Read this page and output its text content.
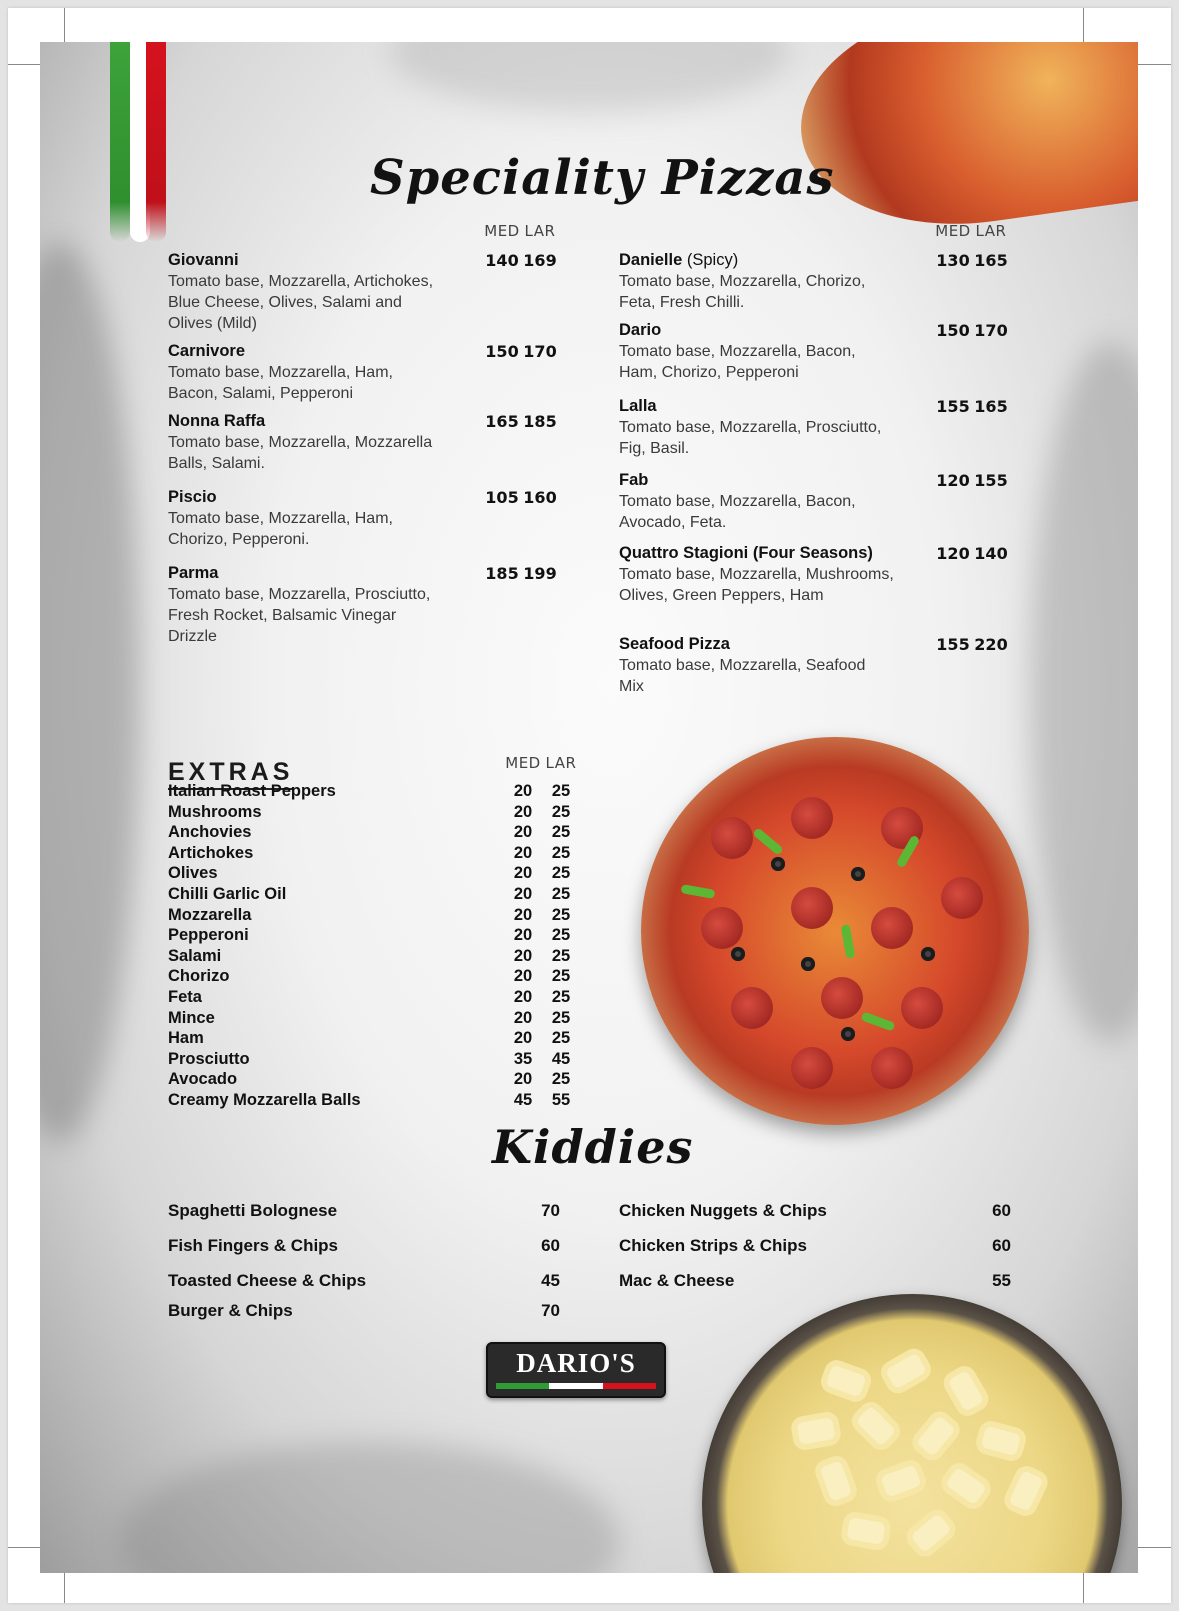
Speciality Pizzas
MED LAR	MED LAR
Giovanni
Tomato base, Mozzarella, Artichokes, Blue Cheese, Olives, Salami and Olives (Mild)
140 169
Carnivore
Tomato base, Mozzarella, Ham, Bacon, Salami, Pepperoni
150 170
Nonna Raffa
Tomato base, Mozzarella, Mozzarella Balls, Salami.
165 185
Piscio
Tomato base, Mozzarella, Ham, Chorizo, Pepperoni.
105 160
Parma
Tomato base, Mozzarella, Prosciutto, Fresh Rocket, Balsamic Vinegar Drizzle
185 199
Danielle (Spicy)
Tomato base, Mozzarella, Chorizo, Feta, Fresh Chilli.
130 165
Dario
Tomato base, Mozzarella, Bacon, Ham, Chorizo, Pepperoni
150 170
Lalla
Tomato base, Mozzarella, Prosciutto, Fig, Basil.
155 165
Fab
Tomato base, Mozzarella, Bacon, Avocado, Feta.
120 155
Quattro Stagioni (Four Seasons)
Tomato base, Mozzarella, Mushrooms, Olives, Green Peppers, Ham
120 140
Seafood Pizza
Tomato base, Mozzarella, Seafood Mix
155 220
EXTRAS	MED LAR
Kiddies
Spaghetti Bolognese	70
Fish Fingers & Chips	60
Toasted Cheese & Chips	45
Burger & Chips	70
Chicken Nuggets & Chips	60
Chicken Strips & Chips	60
Mac & Cheese	55
DARIO'S
Italian Roast Peppers	20	25
Mushrooms	20	25
Anchovies	20	25
Artichokes	20	25
Olives	20	25
Chilli Garlic Oil	20	25
Mozzarella	20	25
Pepperoni	20	25
Salami	20	25
Chorizo	20	25
Feta	20	25
Mince	20	25
Ham	20	25
Prosciutto	35	45
Avocado	20	25
Creamy Mozzarella Balls	45	55
